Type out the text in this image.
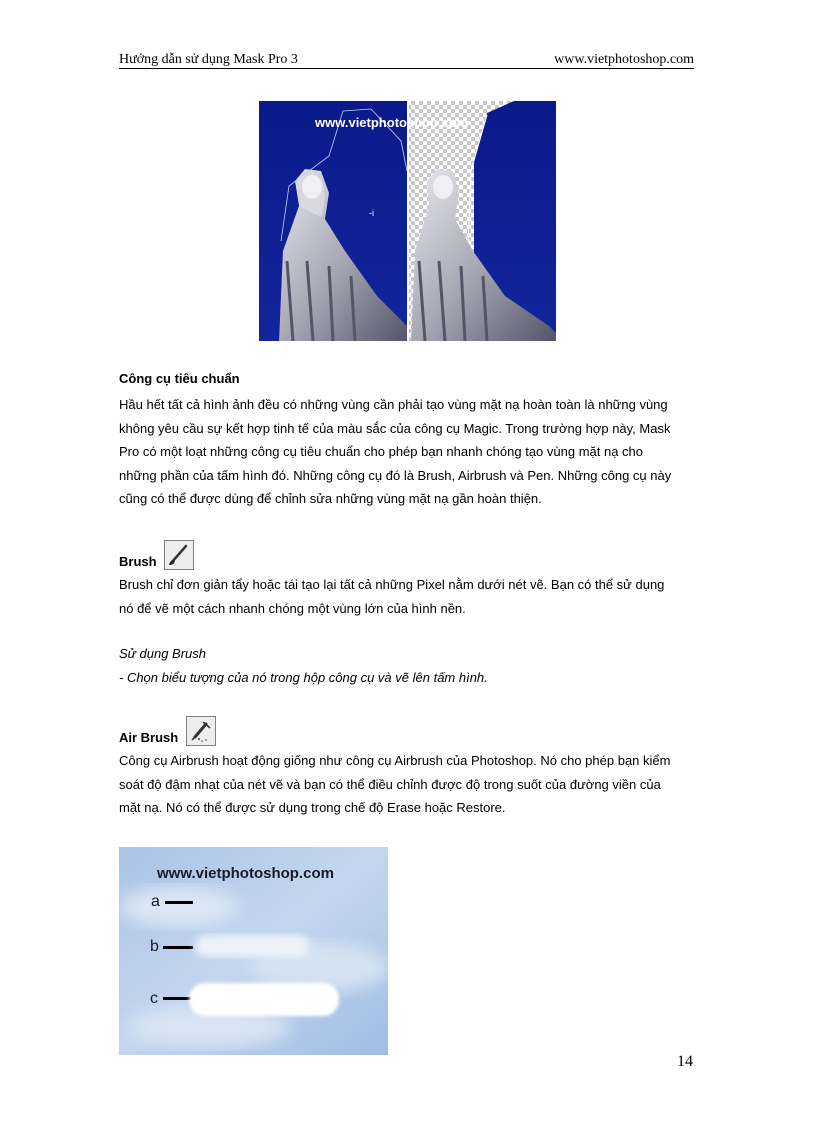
Hướng dẫn sử dụng Mask Pro 3	www.vietphotoshop.com
-i
www.vietphotoshop.com
Công cụ tiêu chuẩn
Hầu hết tất cả hình ảnh đều có những vùng cần phải tạo vùng mặt nạ hoàn toàn là những vùng
không yêu cầu sự kết hợp tinh tế của màu sắc của công cụ Magic. Trong trường hợp này, Mask
Pro có một loạt những công cụ tiêu chuẩn cho phép bạn nhanh chóng tạo vùng mặt nạ cho
những phần của tấm hình đó. Những công cụ đó là Brush, Airbrush và Pen. Những công cụ này
cũng có thể được dùng để chỉnh sửa những vùng mặt nạ gần hoàn thiện.
Brush
Brush chỉ đơn giản tẩy hoặc tái tạo lại tất cả những Pixel nằm dưới nét vẽ. Bạn có thể sử dụng
nó để vẽ một cách nhanh chóng một vùng lớn của hình nền.
Sử dụng Brush
- Chọn biểu tượng của nó trong hộp công cụ và vẽ lên tấm hình.
Air Brush
Công cụ Airbrush hoạt động giống như công cụ Airbrush của Photoshop. Nó cho phép bạn kiểm
soát độ đậm nhạt của nét vẽ và bạn có thể điều chỉnh được độ trong suốt của đường viền của
mặt nạ. Nó có thể được sử dụng trong chế độ Erase hoặc Restore.
www.vietphotoshop.com
a
b
c
14
